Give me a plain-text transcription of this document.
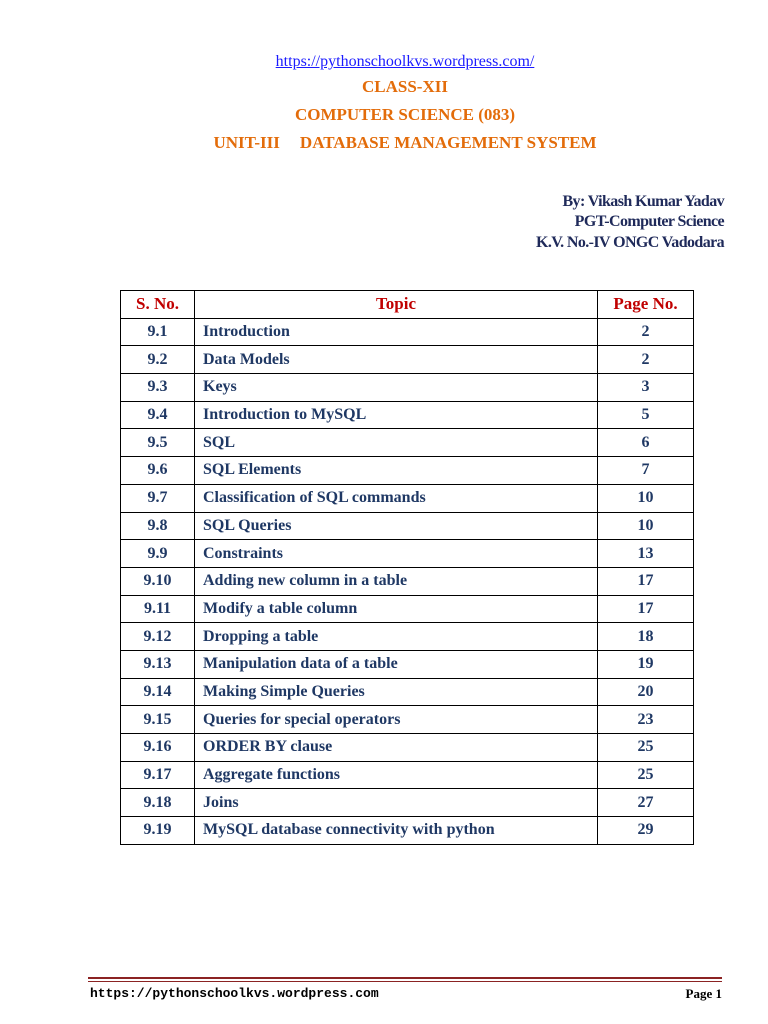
https://pythonschoolkvs.wordpress.com/
CLASS-XII
COMPUTER SCIENCE (083)
UNIT-III DATABASE MANAGEMENT SYSTEM
By: Vikash Kumar Yadav
PGT-Computer Science
K.V. No.-IV ONGC Vadodara
S. No.	Topic	Page No.
9.1	Introduction	2
9.2	Data Models	2
9.3	Keys	3
9.4	Introduction to MySQL	5
9.5	SQL	6
9.6	SQL Elements	7
9.7	Classification of SQL commands	10
9.8	SQL Queries	10
9.9	Constraints	13
9.10	Adding new column in a table	17
9.11	Modify a table column	17
9.12	Dropping a table	18
9.13	Manipulation data of a table	19
9.14	Making Simple Queries	20
9.15	Queries for special operators	23
9.16	ORDER BY clause	25
9.17	Aggregate functions	25
9.18	Joins	27
9.19	MySQL database connectivity with python	29
https://pythonschoolkvs.wordpress.com	Page 1
